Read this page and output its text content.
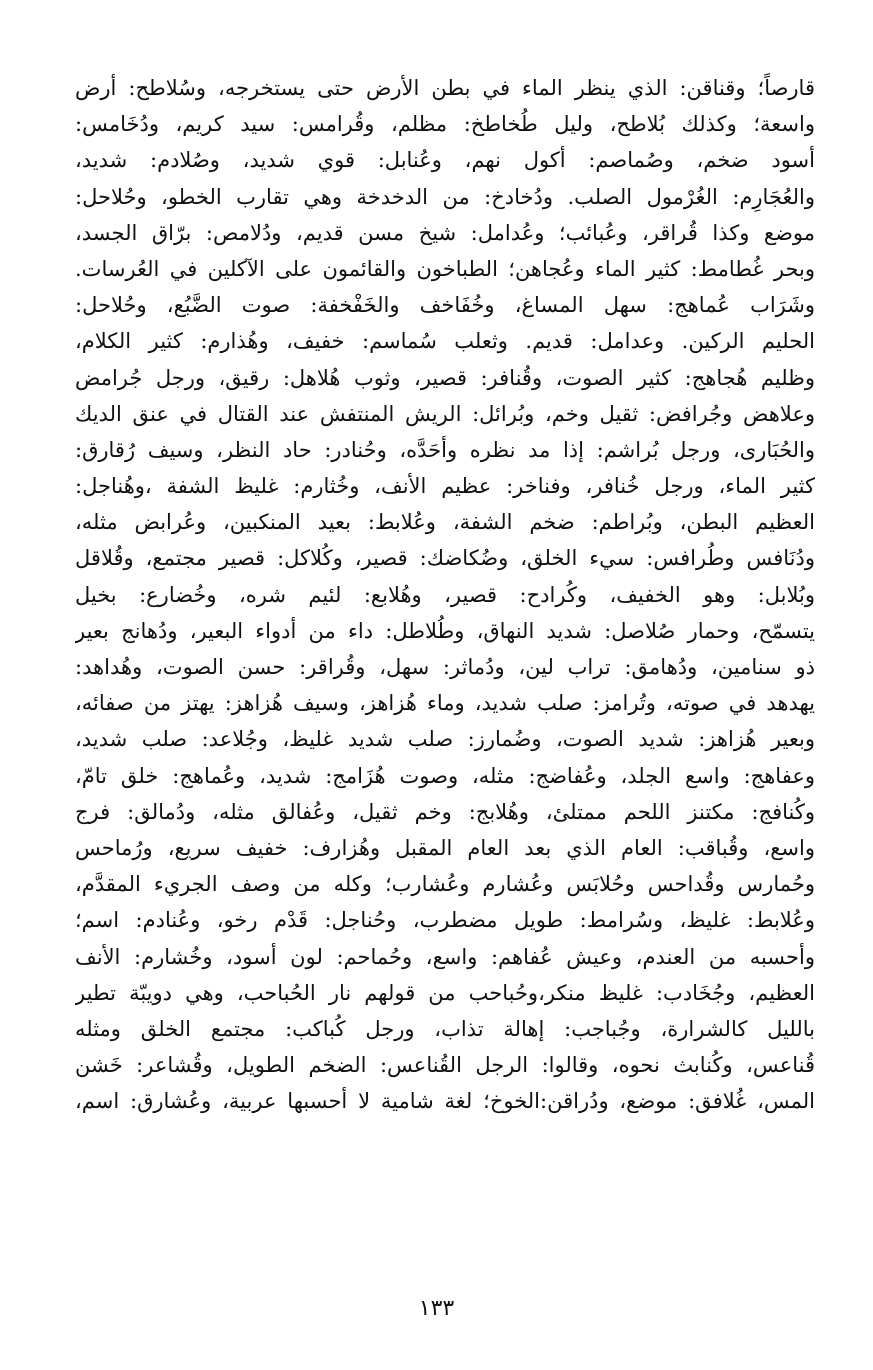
قارصاً؛ وقناقن: الذي ينظر الماء في بطن الأرض حتى يستخرجه، وسُلاطح: أرض
واسعة؛ وكذلك بُلاطح، وليل طُخاطخ: مظلم، وقُرامس: سيد كريم، ودُخَامس:
أسود ضخم، وصُماصم: أكول نهم، وعُنابل: قوي شديد، وصُلادم: شديد،
والعُجَارِم: الغُرْمول الصلب. ودُخادخ: من الدخدخة وهي تقارب الخطو، وحُلاحل:
موضع وكذا قُراقر، وعُبائب؛ وعُدامل: شيخ مسن قديم، ودُلامص: برّاق الجسد،
وبحر غُطامط: كثير الماء وعُجاهن؛ الطباخون والقائمون على الآكلين في العُرسات.
وشَرَاب عُماهج: سهل المساغ، وخُفَاخف والخَفْخفة: صوت الضَّبُع، وحُلاحل:
الحليم الركين. وعدامل: قديم. وثعلب سُماسم: خفيف، وهُذارم: كثير الكلام،
وظليم هُجاهج: كثير الصوت، وقُنافر: قصير، وثوب هُلاهل: رقيق، ورجل جُرامض
وعلاهض وجُرافض: ثقيل وخم، وبُرائل: الريش المنتفش عند القتال في عنق الديك
والحُبَارى، ورجل بُراشم: إذا مد نظره وأحَدَّه، وحُنادر: حاد النظر، وسيف رُقارق:
كثير الماء، ورجل خُنافر، وفناخر: عظيم الأنف، وخُثارم: غليظ الشفة ،وهُناجل:
العظيم البطن، وبُراطم: ضخم الشفة، وعُلابط: بعيد المنكبين، وعُرابض مثله،
ودُنَافس وطُرافس: سيء الخلق، وضُكاضك: قصير، وكُلاكل: قصير مجتمع، وقُلاقل
وبُلابل: وهو الخفيف، وكُرادح: قصير، وهُلابع: لئيم شره، وخُضارع: بخيل
يتسمّح، وحمار صُلاصل: شديد النهاق، وطُلاطل: داء من أدواء البعير، ودُهانج بعير
ذو سنامين، ودُهامق: تراب لين، ودُماثر: سهل، وقُراقر: حسن الصوت، وهُداهد:
يهدهد في صوته، وتُرامز: صلب شديد، وماء هُزاهز، وسيف هُزاهز: يهتز من صفائه،
وبعير هُزاهز: شديد الصوت، وضُمارز: صلب شديد غليظ، وجُلاعد: صلب شديد،
وعفاهج: واسع الجلد، وعُفاضج: مثله، وصوت هُزَامج: شديد، وعُماهج: خلق تامّ،
وكُنافج: مكتنز اللحم ممتلئ، وهُلابج: وخم ثقيل، وعُفالق مثله، ودُمالق: فرج
واسع، وقُباقب: العام الذي بعد العام المقبل وهُزارف: خفيف سريع، ورُماحس
وحُمارس وقُداحس وحُلابَس وعُشارم وعُشارب؛ وكله من وصف الجريء المقدَّم،
وعُلابط: غليظ، وسُرامط: طويل مضطرب، وحُناجل: قَدْم رخو، وعُنادم: اسم؛
وأحسبه من العندم، وعيش عُفاهم: واسع، وحُماحم: لون أسود، وخُشارم: الأنف
العظيم، وجُخَادب: غليظ منكر،وحُباحب من قولهم نار الحُباحب، وهي دويبّة تطير
بالليل كالشرارة، وجُباجب: إهالة تذاب، ورجل كُباكب: مجتمع الخلق ومثله
قُناعس، وكُنابث نحوه، وقالوا: الرجل القُناعس: الضخم الطويل، وقُشاعر: خَشن
المس، غُلافق: موضع، ودُراقن:الخوخ؛ لغة شامية لا أحسبها عربية، وعُشارق: اسم،
١٣٣
